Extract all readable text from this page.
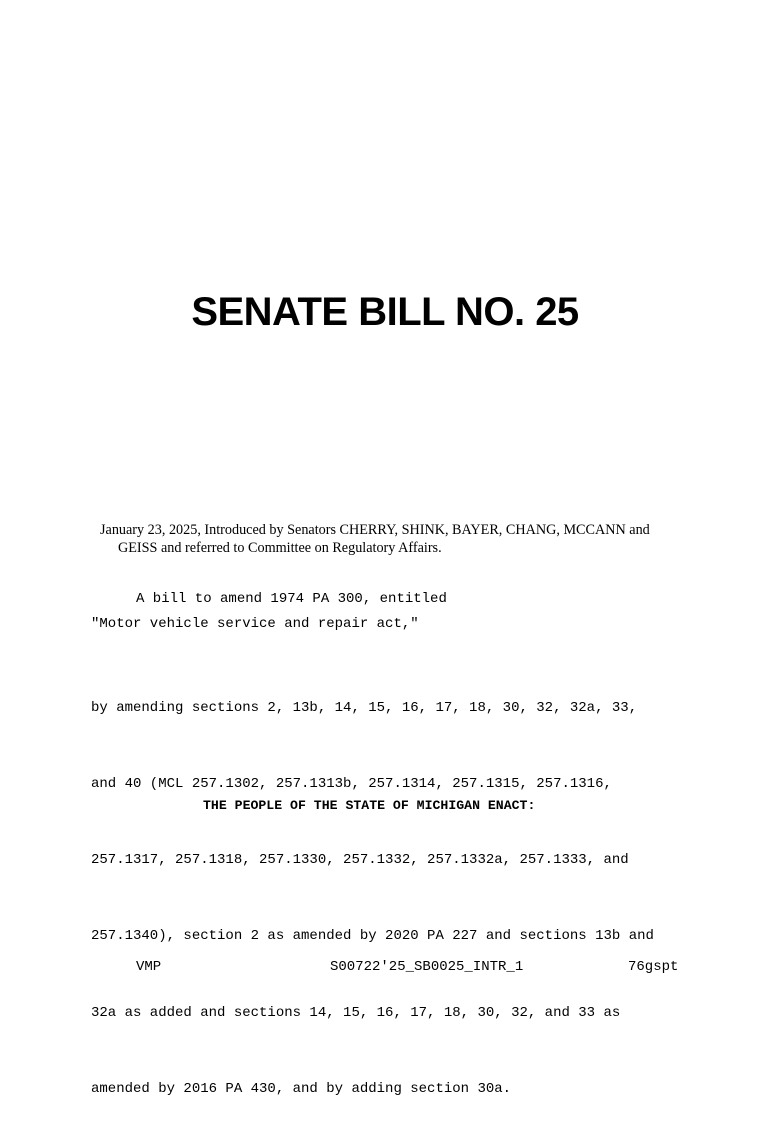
SENATE BILL NO. 25
January 23, 2025, Introduced by Senators CHERRY, SHINK, BAYER, CHANG, MCCANN and
GEISS and referred to Committee on Regulatory Affairs.
A bill to amend 1974 PA 300, entitled
"Motor vehicle service and repair act,"

by amending sections 2, 13b, 14, 15, 16, 17, 18, 30, 32, 32a, 33,

and 40 (MCL 257.1302, 257.1313b, 257.1314, 257.1315, 257.1316,

257.1317, 257.1318, 257.1330, 257.1332, 257.1332a, 257.1333, and

257.1340), section 2 as amended by 2020 PA 227 and sections 13b and

32a as added and sections 14, 15, 16, 17, 18, 30, 32, and 33 as

amended by 2016 PA 430, and by adding section 30a.

THE PEOPLE OF THE STATE OF MICHIGAN ENACT:
VMP	S00722'25_SB0025_INTR_1	76gspt
